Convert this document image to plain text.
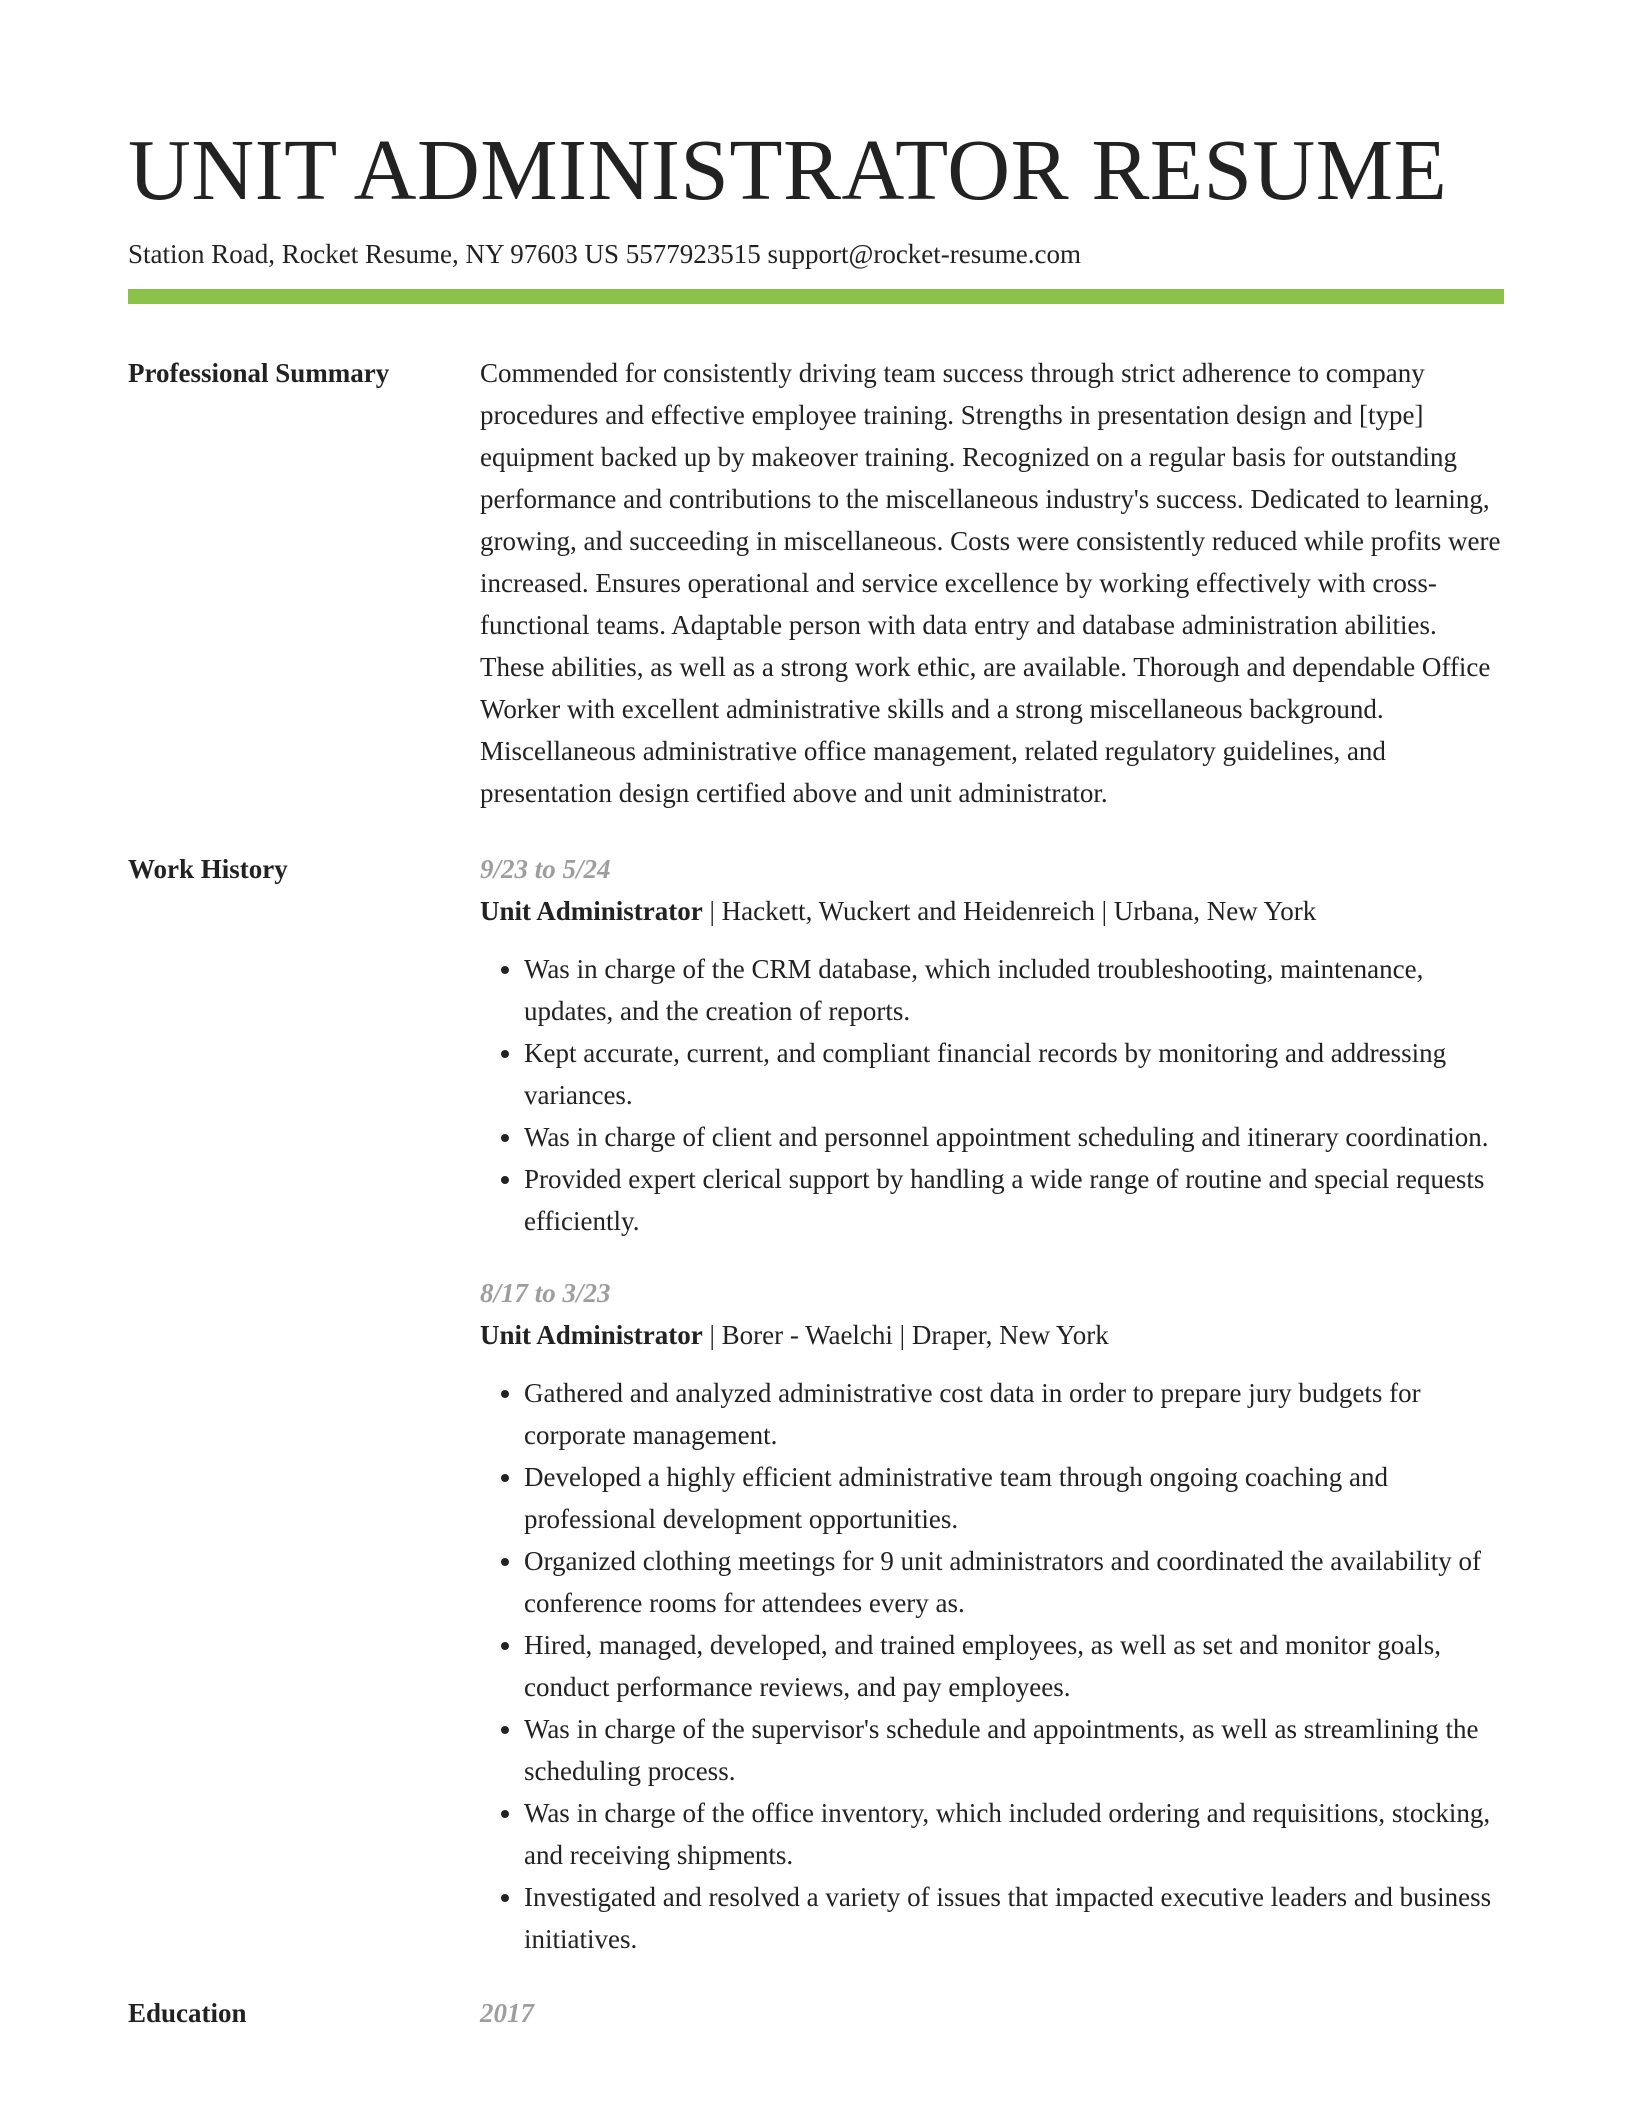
UNIT ADMINISTRATOR RESUME
Station Road, Rocket Resume, NY 97603 US 5577923515 support@rocket-resume.com
Professional Summary	Commended for consistently driving team success through strict adherence to company procedures and effective employee training. Strengths in presentation design and [type] equipment backed up by makeover training. Recognized on a regular basis for outstanding performance and contributions to the miscellaneous industry's success. Dedicated to learning, growing, and succeeding in miscellaneous. Costs were consistently reduced while profits were increased. Ensures operational and service excellence by working effectively with cross-functional teams. Adaptable person with data entry and database administration abilities. These abilities, as well as a strong work ethic, are available. Thorough and dependable Office Worker with excellent administrative skills and a strong miscellaneous background. Miscellaneous administrative office management, related regulatory guidelines, and presentation design certified above and unit administrator.

Work History	9/23 to 5/24

Unit Administrator | Hackett, Wuckert and Heidenreich | Urbana, New York

• Was in charge of the CRM database, which included troubleshooting, maintenance, updates, and the creation of reports.
• Kept accurate, current, and compliant financial records by monitoring and addressing variances.
• Was in charge of client and personnel appointment scheduling and itinerary coordination.
• Provided expert clerical support by handling a wide range of routine and special requests efficiently.
8/17 to 3/23

Unit Administrator | Borer - Waelchi | Draper, New York

• Gathered and analyzed administrative cost data in order to prepare jury budgets for corporate management.
• Developed a highly efficient administrative team through ongoing coaching and professional development opportunities.
• Organized clothing meetings for 9 unit administrators and coordinated the availability of conference rooms for attendees every as.
• Hired, managed, developed, and trained employees, as well as set and monitor goals, conduct performance reviews, and pay employees.
• Was in charge of the supervisor's schedule and appointments, as well as streamlining the scheduling process.
• Was in charge of the office inventory, which included ordering and requisitions, stocking, and receiving shipments.
• Investigated and resolved a variety of issues that impacted executive leaders and business initiatives.
Education	2017
